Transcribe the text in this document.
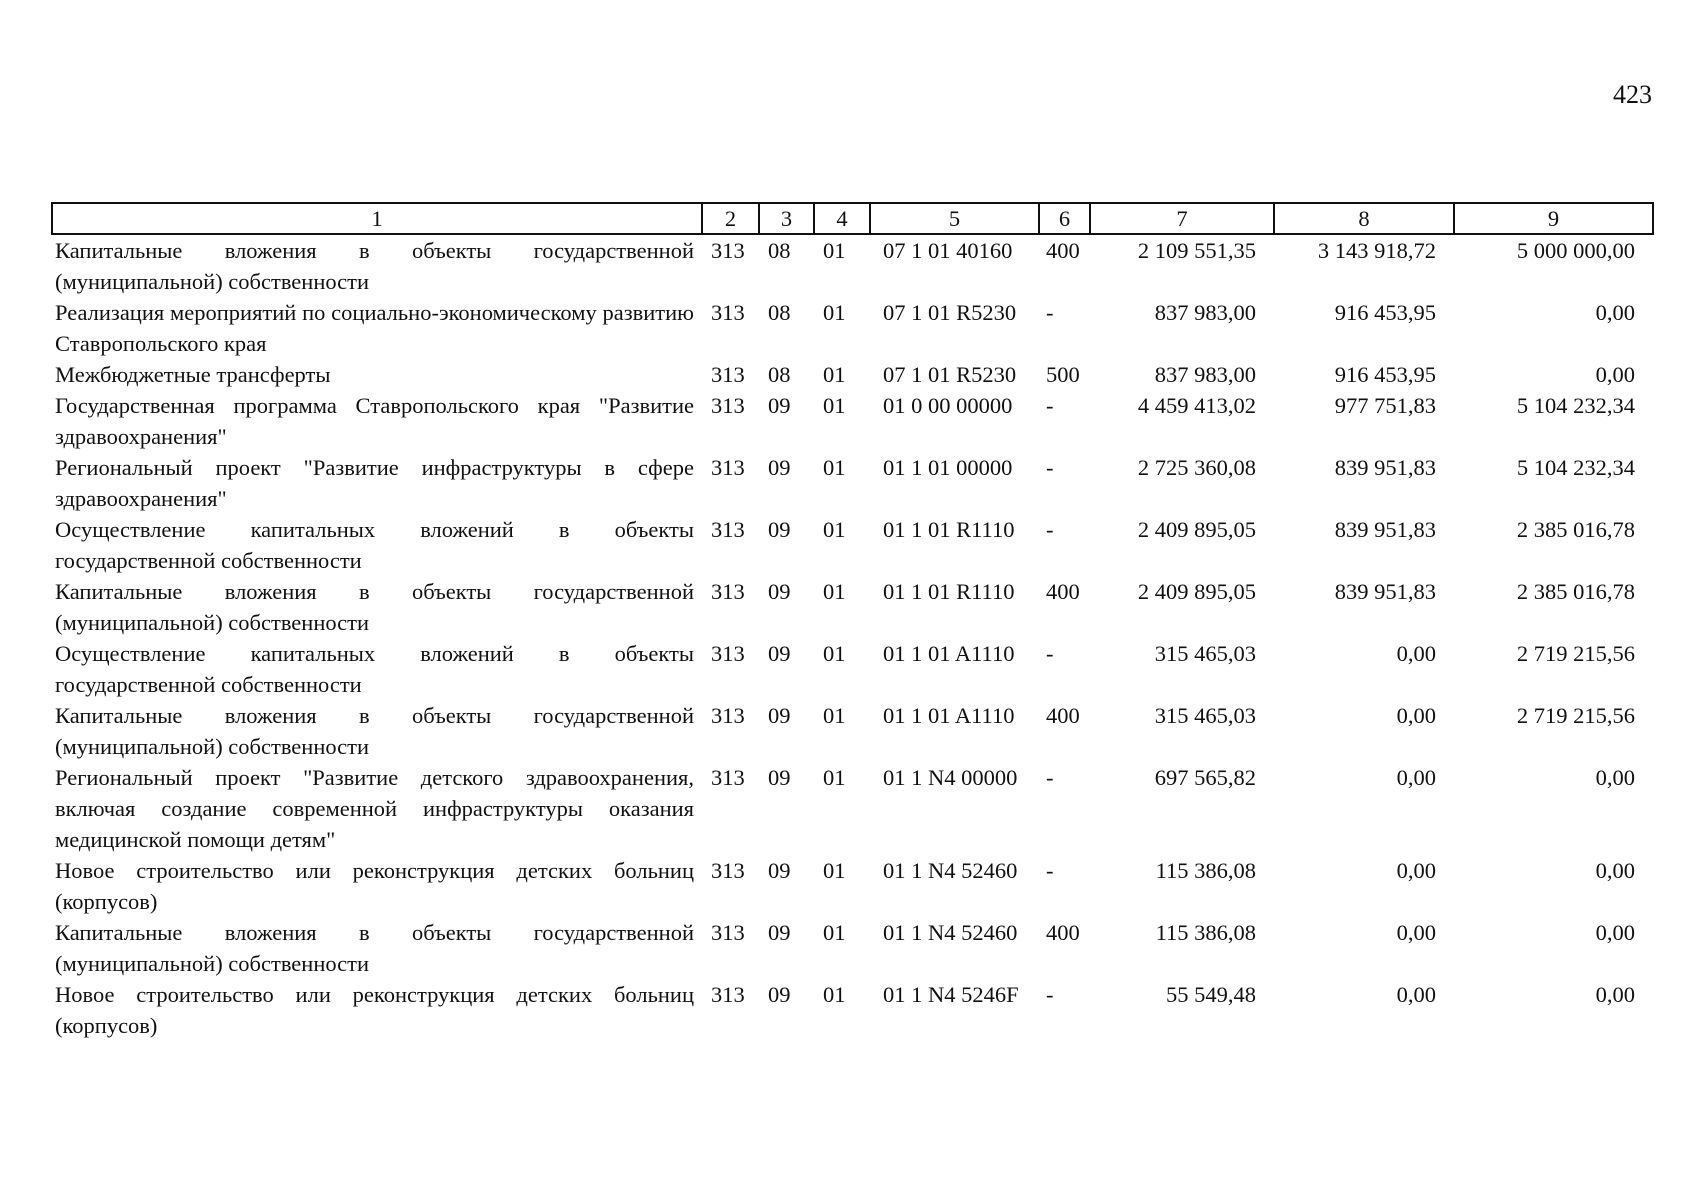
423
1	2	3	4	5	6	7	8	9
Капитальные вложения в объекты государственной (муниципальной) собственности	313	08	01	07 1 01 40160	400	2 109 551,35	3 143 918,72	5 000 000,00
Реализация мероприятий по социально-экономическому развитию Ставропольского края	313	08	01	07 1 01 R5230	-	837 983,00	916 453,95	0,00
Межбюджетные трансферты	313	08	01	07 1 01 R5230	500	837 983,00	916 453,95	0,00
Государственная программа Ставропольского края "Развитие здравоохранения"	313	09	01	01 0 00 00000	-	4 459 413,02	977 751,83	5 104 232,34
Региональный проект "Развитие инфраструктуры в сфере здравоохранения"	313	09	01	01 1 01 00000	-	2 725 360,08	839 951,83	5 104 232,34
Осуществление капитальных вложений в объекты государственной собственности	313	09	01	01 1 01 R1110	-	2 409 895,05	839 951,83	2 385 016,78
Капитальные вложения в объекты государственной (муниципальной) собственности	313	09	01	01 1 01 R1110	400	2 409 895,05	839 951,83	2 385 016,78
Осуществление капитальных вложений в объекты государственной собственности	313	09	01	01 1 01 A1110	-	315 465,03	0,00	2 719 215,56
Капитальные вложения в объекты государственной (муниципальной) собственности	313	09	01	01 1 01 A1110	400	315 465,03	0,00	2 719 215,56
Региональный проект "Развитие детского здравоохранения, включая создание современной инфраструктуры оказания медицинской помощи детям"	313	09	01	01 1 N4 00000	-	697 565,82	0,00	0,00
Новое строительство или реконструкция детских больниц (корпусов)	313	09	01	01 1 N4 52460	-	115 386,08	0,00	0,00
Капитальные вложения в объекты государственной (муниципальной) собственности	313	09	01	01 1 N4 52460	400	115 386,08	0,00	0,00
Новое строительство или реконструкция детских больниц (корпусов)	313	09	01	01 1 N4 5246F	-	55 549,48	0,00	0,00
